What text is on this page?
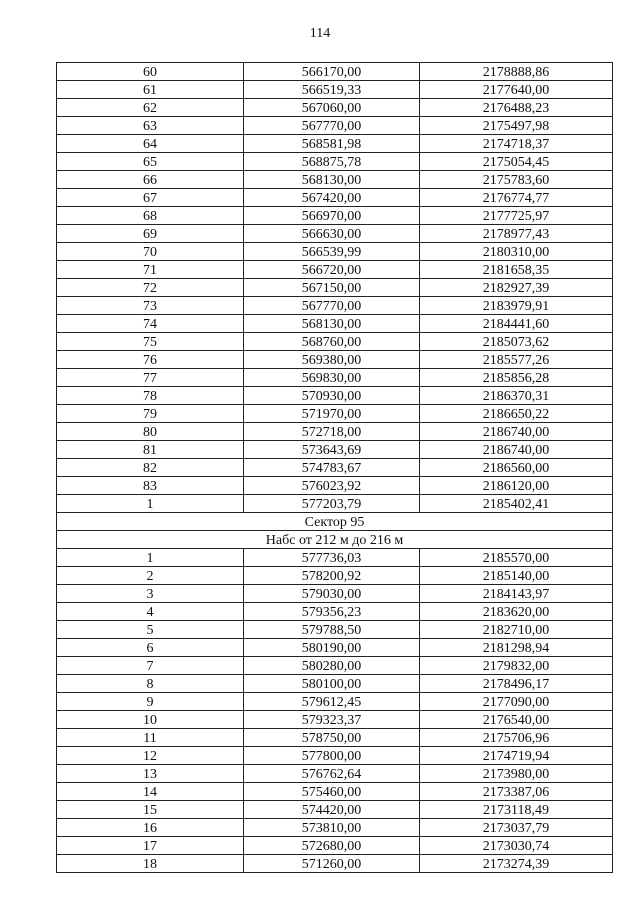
114
60	566170,00	2178888,86
61	566519,33	2177640,00
62	567060,00	2176488,23
63	567770,00	2175497,98
64	568581,98	2174718,37
65	568875,78	2175054,45
66	568130,00	2175783,60
67	567420,00	2176774,77
68	566970,00	2177725,97
69	566630,00	2178977,43
70	566539,99	2180310,00
71	566720,00	2181658,35
72	567150,00	2182927,39
73	567770,00	2183979,91
74	568130,00	2184441,60
75	568760,00	2185073,62
76	569380,00	2185577,26
77	569830,00	2185856,28
78	570930,00	2186370,31
79	571970,00	2186650,22
80	572718,00	2186740,00
81	573643,69	2186740,00
82	574783,67	2186560,00
83	576023,92	2186120,00
1	577203,79	2185402,41
Сектор 95		
Набс от 212 м до 216 м		
1	577736,03	2185570,00
2	578200,92	2185140,00
3	579030,00	2184143,97
4	579356,23	2183620,00
5	579788,50	2182710,00
6	580190,00	2181298,94
7	580280,00	2179832,00
8	580100,00	2178496,17
9	579612,45	2177090,00
10	579323,37	2176540,00
11	578750,00	2175706,96
12	577800,00	2174719,94
13	576762,64	2173980,00
14	575460,00	2173387,06
15	574420,00	2173118,49
16	573810,00	2173037,79
17	572680,00	2173030,74
18	571260,00	2173274,39
